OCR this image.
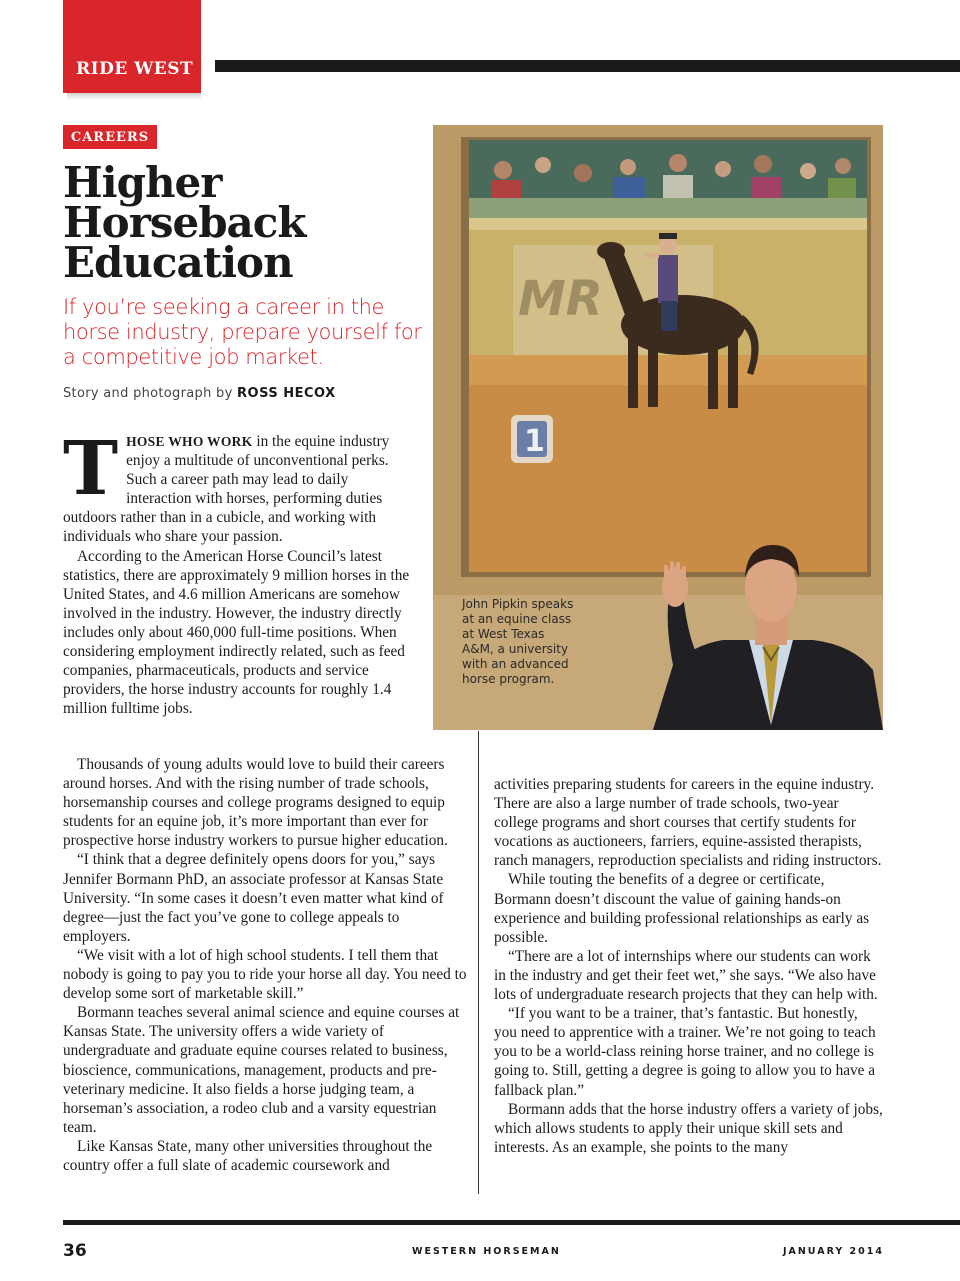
RIDE WEST
CAREERS
Higher
Horseback
Education

If you’re seeking a career in the horse industry, prepare yourself for a competitive job market.

Story and photograph by ROSS HECOX

THOSE WHO WORK in the equine industry enjoy a multitude of unconventional perks. Such a career path may lead to daily interaction with horses, performing duties outdoors rather than in a cubicle, and working with individuals who share your passion.

According to the American Horse Council’s latest statistics, there are approximately 9 million horses in the United States, and 4.6 million Americans are somehow involved in the industry. However, the industry directly includes only about 460,000 full-time positions. When considering employment indirectly related, such as feed companies, pharmaceuticals, products and service providers, the horse industry accounts for roughly 1.4 million fulltime jobs.

Thousands of young adults would love to build their careers around horses. And with the rising number of trade schools, horsemanship courses and college programs designed to equip students for an equine job, it’s more important than ever for prospective horse industry workers to pursue higher education.

“I think that a degree definitely opens doors for you,” says Jennifer Bormann PhD, an associate professor at Kansas State University. “In some cases it doesn’t even matter what kind of degree—just the fact you’ve gone to college appeals to employers.

“We visit with a lot of high school students. I tell them that nobody is going to pay you to ride your horse all day. You need to develop some sort of marketable skill.”

Bormann teaches several animal science and equine courses at Kansas State. The university offers a wide variety of undergraduate and graduate equine courses related to business, bioscience, communications, management, products and pre-veterinary medicine. It also fields a horse judging team, a horseman’s association, a rodeo club and a varsity equestrian team.

Like Kansas State, many other universities throughout the country offer a full slate of academic coursework and

activities preparing students for careers in the equine industry. There are also a large number of trade schools, two-year college programs and short courses that certify students for vocations as auctioneers, farriers, equine-assisted therapists, ranch managers, reproduction specialists and riding instructors.

While touting the benefits of a degree or certificate, Bormann doesn’t discount the value of gaining hands-on experience and building professional relationships as early as possible.

“There are a lot of internships where our students can work in the industry and get their feet wet,” she says. “We also have lots of undergraduate research projects that they can help with.

“If you want to be a trainer, that’s fantastic. But honestly, you need to apprentice with a trainer. We’re not going to teach you to be a world-class reining horse trainer, and no college is going to. Still, getting a degree is going to allow you to have a fallback plan.”

Bormann adds that the horse industry offers a variety of jobs, which allows students to apply their unique skill sets and interests. As an example, she points to the many

MR
1

John Pipkin speaks at an equine class at West Texas A&M, a university with an advanced horse program.

36	WESTERN HORSEMAN	JANUARY 2014
